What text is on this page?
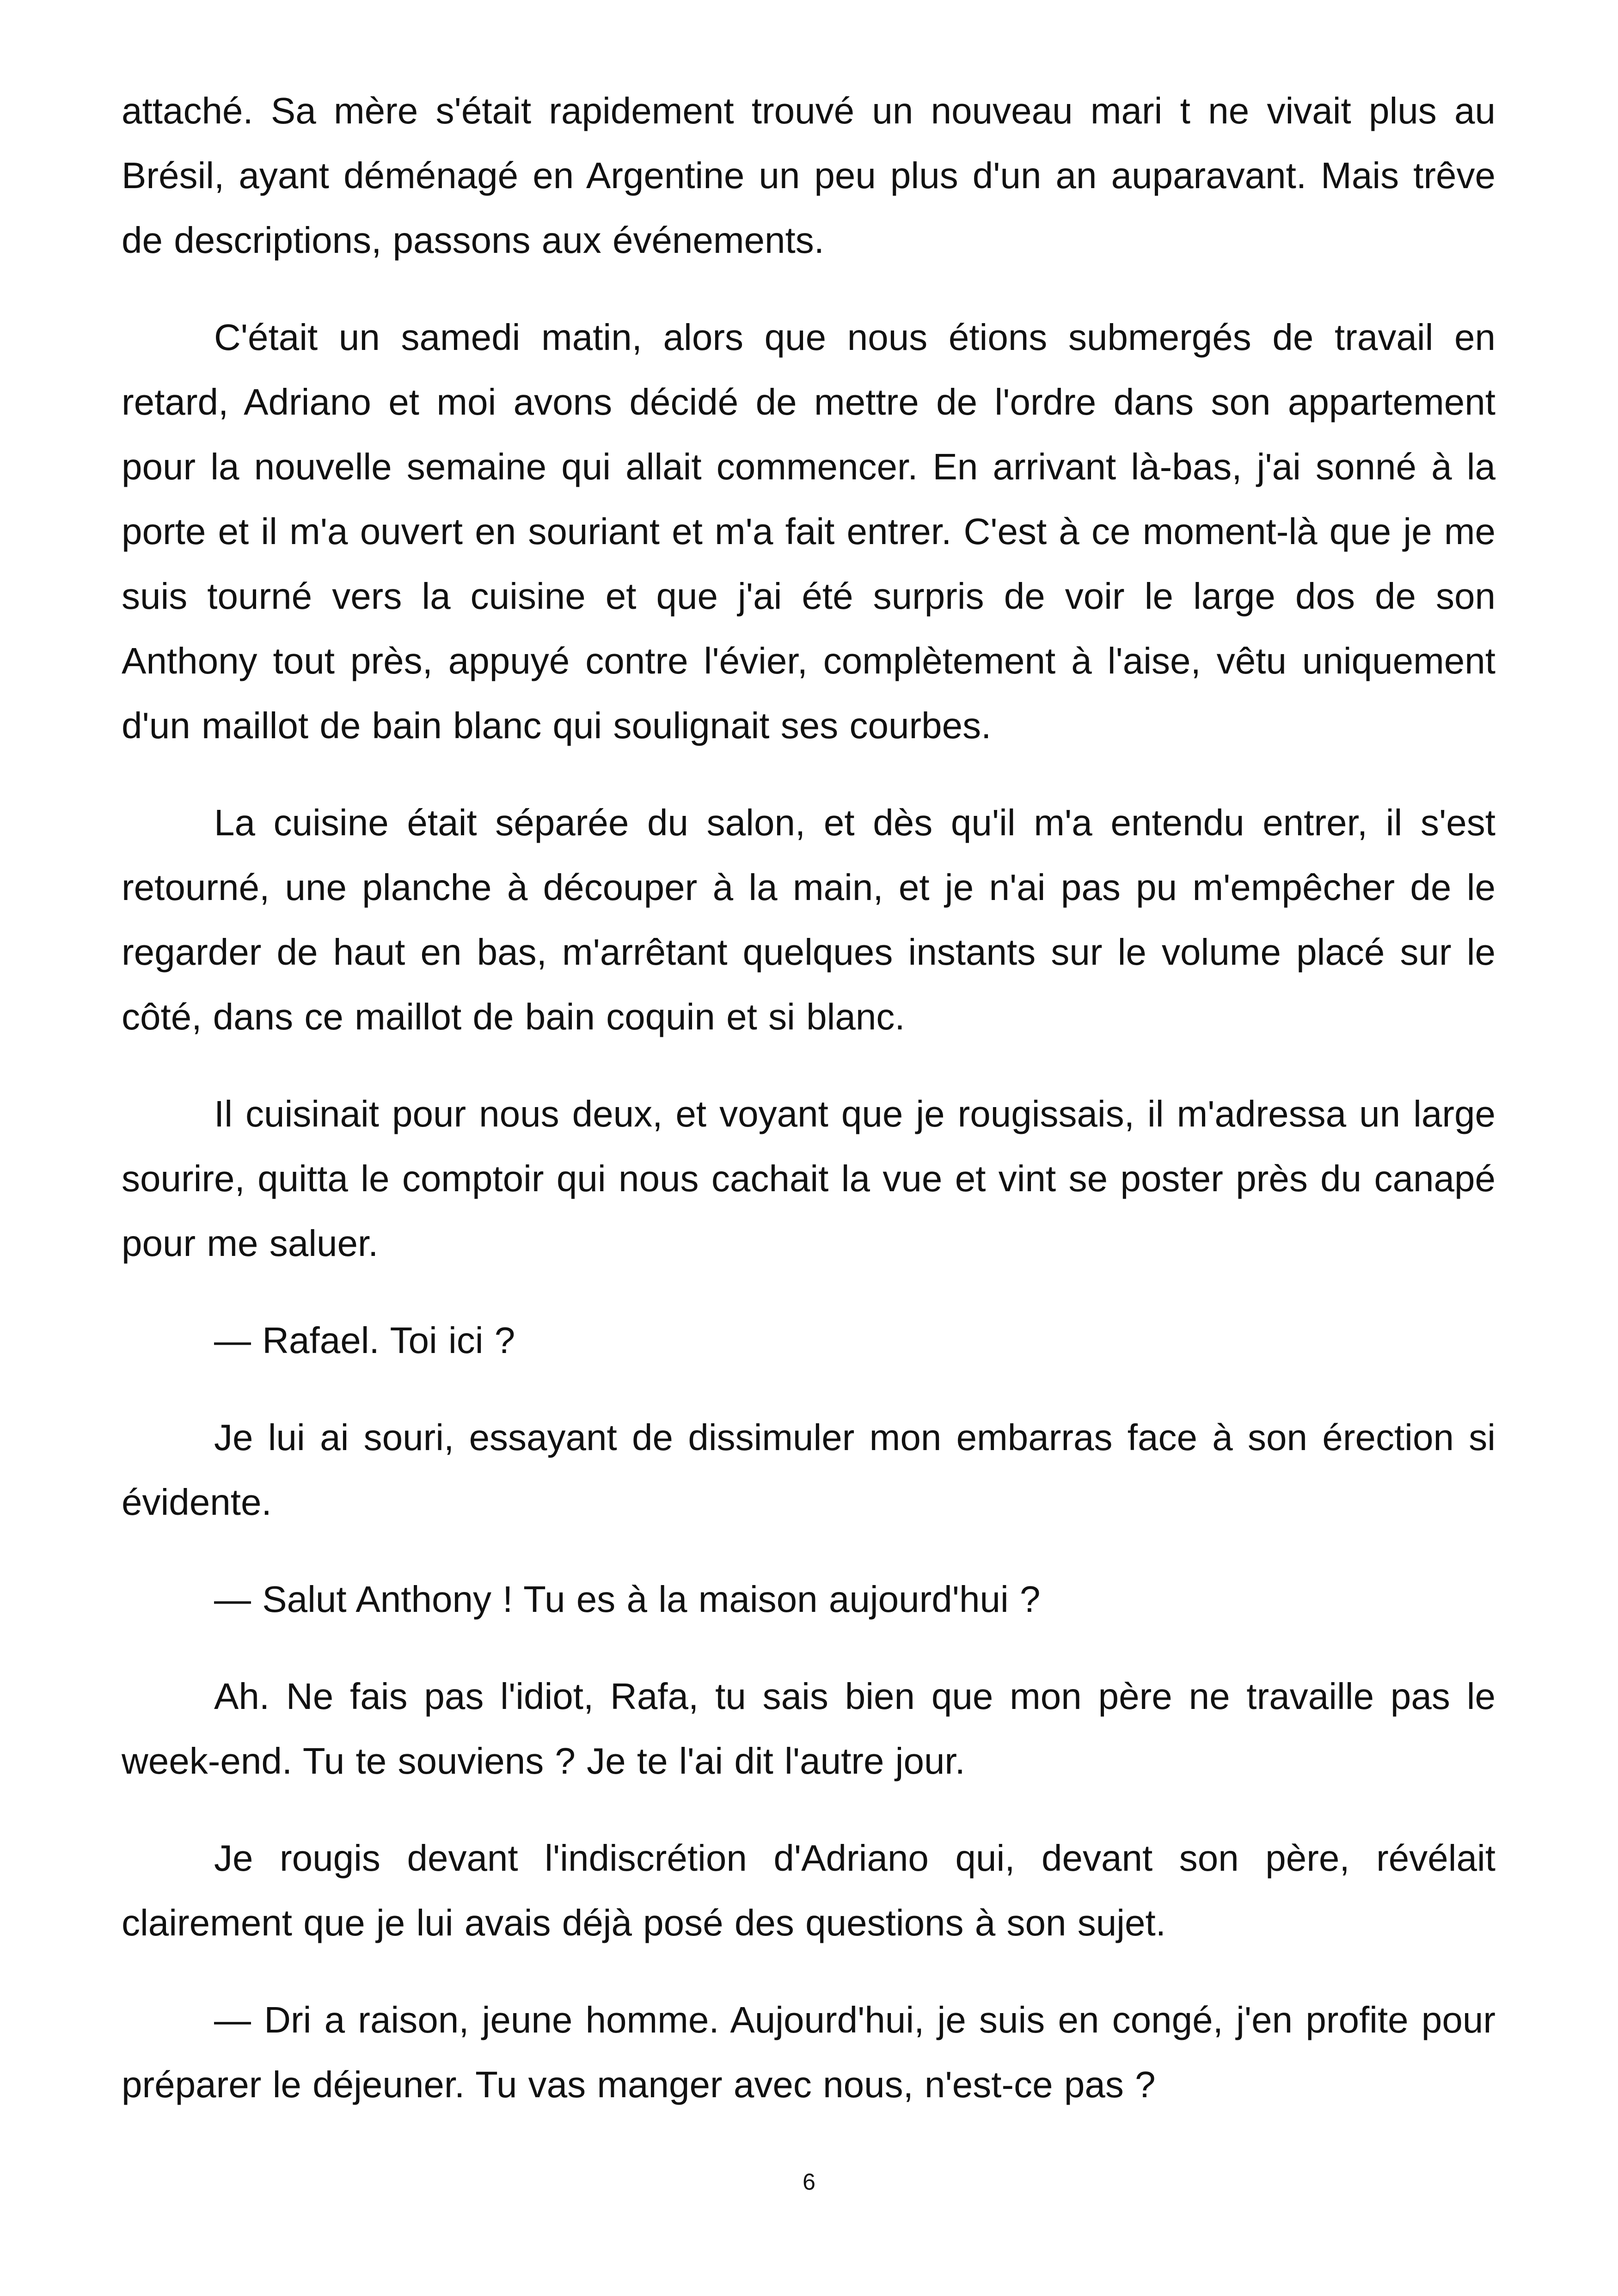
attaché. Sa mère s'était rapidement trouvé un nouveau mari t ne vivait plus au Brésil, ayant déménagé en Argentine un peu plus d'un an auparavant. Mais trêve de descriptions, passons aux événements.

C'était un samedi matin, alors que nous étions submergés de travail en retard, Adriano et moi avons décidé de mettre de l'ordre dans son appartement pour la nouvelle semaine qui allait commencer. En arrivant là-bas, j'ai sonné à la porte et il m'a ouvert en souriant et m'a fait entrer. C'est à ce moment-là que je me suis tourné vers la cuisine et que j'ai été surpris de voir le large dos de son Anthony tout près, appuyé contre l'évier, complètement à l'aise, vêtu uniquement d'un maillot de bain blanc qui soulignait ses courbes.

La cuisine était séparée du salon, et dès qu'il m'a entendu entrer, il s'est retourné, une planche à découper à la main, et je n'ai pas pu m'empêcher de le regarder de haut en bas, m'arrêtant quelques instants sur le volume placé sur le côté, dans ce maillot de bain coquin et si blanc.

Il cuisinait pour nous deux, et voyant que je rougissais, il m'adressa un large sourire, quitta le comptoir qui nous cachait la vue et vint se poster près du canapé pour me saluer.

— Rafael. Toi ici ?

Je lui ai souri, essayant de dissimuler mon embarras face à son érection si évidente.

— Salut Anthony ! Tu es à la maison aujourd'hui ?

Ah. Ne fais pas l'idiot, Rafa, tu sais bien que mon père ne travaille pas le week-end. Tu te souviens ? Je te l'ai dit l'autre jour.

Je rougis devant l'indiscrétion d'Adriano qui, devant son père, révélait clairement que je lui avais déjà posé des questions à son sujet.

— Dri a raison, jeune homme. Aujourd'hui, je suis en congé, j'en profite pour préparer le déjeuner. Tu vas manger avec nous, n'est-ce pas ?

6
